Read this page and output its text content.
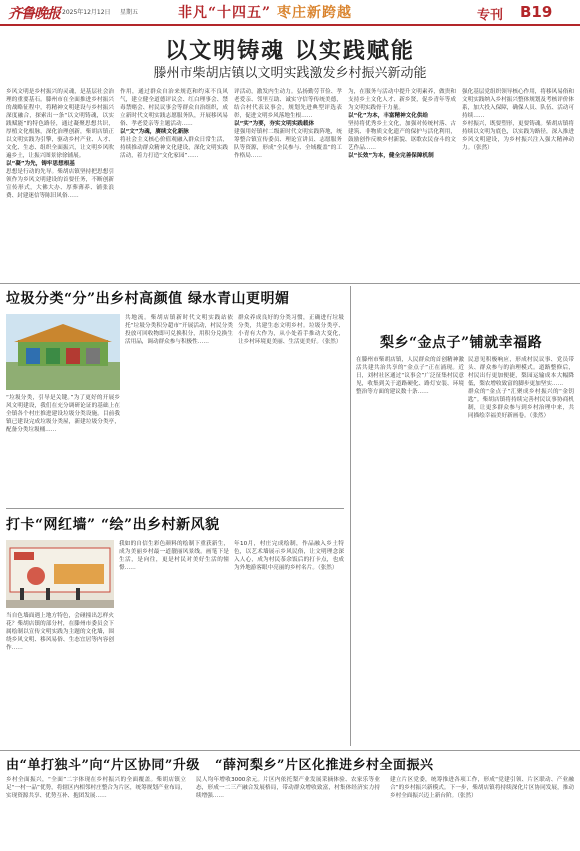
齐鲁晚报 2025年12月12日 星期五	非凡“十四五” 枣庄新跨越	专刊 B19
以文明铸魂 以实践赋能
滕州市柴胡店镇以文明实践激发乡村振兴新动能
乡风文明是乡村振兴的灵魂，是基层社会治理的重要基石。滕州市在全面推进乡村振兴的战略征程中，将精神文明建设与乡村振兴深度融合，探索出一条“以文明铸魂，以实践赋能”的特色路径，通过凝聚思想共识，厚植文化根脉，深化治理创新，柴胡店镇正以文明实践为引擎，驱动乡村产业、人才、文化、生态、组织全面振兴，让文明乡风吹遍乡土，让振兴图景徐徐铺展。
以“凝”为先，铸牢思想根基
思想是行动的先导。柴胡店镇坚持把思想引领作为乡风文明建设的首要任务，不断创新宣传形式，大佛大办、厚葬薄养、铺张浪费、封建迷信等陈旧风俗……
作用，通过群众自治来规范和约束不良风气，建立健全道德评议会、红白理事会、禁毒禁赌会、村民议事会等群众自治组织，成立新时代文明实践志愿服务队，开展移风易俗、孝老爱亲等主题活动……
以“文”为魂，赓续文化新脉
将社会主义核心价值观融入群众日常生活，持续推动群众精神文化建设，深化文明实践活动，着力打造“文化家园”……
评活动，激发内生动力。弘扬勤劳节俭、孝老爱亲、邻里互助、诚实守信等传统美德，结合村代表议事会，规划先进典型评选表彰，促进文明乡风落地生根……
以“实”为要，夯实文明实践载体
建强用好镇村二级新时代文明实践阵地，统筹整合镇宣传委员、理论宣讲员、志愿服务队等资源，形成“全民参与、全域覆盖”的工作格局……
为，在服务与活动中提升文明素养，做贵和支持乡土文化人才、新乡贤，促乡青年等成为文明实践骨干力量。
以“化”为本，丰富精神文化供给
坚持将优秀乡土文化，加强对传统村落、古建筑、非物质文化遗产的保护与活化利用，鼓励创作反映乡村新貌、讴歌农民奋斗的文艺作品……
以“长效”为本，健全完善保障机制
强化基层党组织领导核心作用，将移风易俗和文明实践纳入乡村振兴整体规划及考核评价体系，加大投入保障，确保人员、队伍、活动可持续……
乡村振兴，既要塑形，更要铸魂。柴胡店镇将持续以文明为底色，以实践为路径，深入推进乡风文明建设，为乡村振兴注入强大精神动力。（张然）
垃圾分类“分”出乡村高颜值 绿水青山更明媚
“垃圾分类，引导是关键。”为了更好的开展乡风文明建设，我们在充分调研论证的基础上在全镇各个村庄推进建设垃圾分类设施。目前我镇已建设完成垃圾分类屋，新建垃圾分类亭，配备分类垃圾桶……
共地流。柴胡店镇新时代文明实践站依托“垃圾分类积分超市”开展活动，村民分类投放可回收物即可兑换积分，用积分兑换生活用品，调动群众参与积极性……
群众养成良好的分类习惯，正确进行垃圾分类，共建生态文明乡村。垃圾分类亭、小青有大作为，从小处着手推动大变化，让乡村环境更美丽、生活更美好。（张然）
打卡“网红墙” “绘”出乡村新风貌
当自色墙面遇上地方特色，会碰撞出怎样火花？柴胡店镇的部分村，在滕州市委员会下属绘制以宣传文明实践为主题的文化墙，围绕乡风文明、移风易俗、生态宜居等内容创作……
我如的自信生彩色颜料的绘制下重获新生，成为美丽乡村最一道靓丽风景线。画笔下是生活，是向往，更是村民对美好生活的憧憬……
年10月，村庄完成绘制，作品融入乡土特色，以艺术墙展示乡风民俗，让文明理念深入人心，成为村民茶余饭后的打卡点，也成为外地游客眼中亮丽的乡村名片。（张然）
梨乡“金点子”铺就幸福路
在滕州市柴胡店镇，人民群众的首创精神激活共建共治共享的“金点子”正在涌现。近日，刘村社区通过“议事会”广泛征集村民意见，收集到关于道路硬化、路灯安装、环境整治等方面的建议数十条……
民意见积极响应，形成村民议事、党员带头、群众参与的治理模式。道路整修后，村民出行更加便捷，梨园运输成本大幅降低，梨农增收致富的脚步更加坚实……
群众的“金点子”汇聚成乡村振兴的“金钥匙”。柴胡店镇将持续完善村民议事协商机制，让更多群众参与到乡村治理中来，共同描绘幸福美好新画卷。（张然）
由“单打独斗”向“片区协同”升级 “薛河梨乡”片区化推进乡村全面振兴
乡村全面振兴，“全面”二字体现在乡村振兴的全面覆盖。柴胡店镇立足“一村一品”优势，将辖区内相邻村庄整合为片区，统筹规划产业布局，实现资源共享、优势互补、抱团发展……
民人均年增收3000余元。片区内依托梨产业发展采摘体验、农家乐等业态，形成一二三产融合发展格局，带动群众增收致富，村集体经济实力持续增强……
建立片区党委，统筹推进各项工作，形成“党建引领、片区联动、产业融合”的乡村振兴新模式。下一步，柴胡店镇将持续深化片区协同发展，推动乡村全面振兴迈上新台阶。（张然）
